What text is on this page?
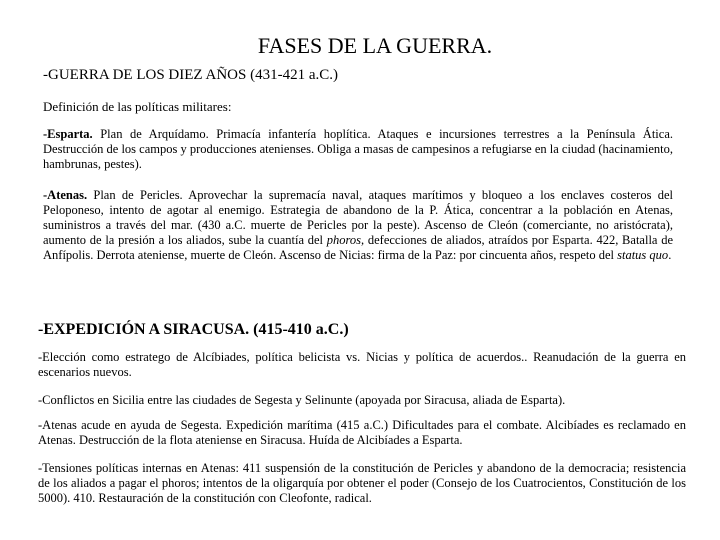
FASES DE LA GUERRA.
-GUERRA DE LOS DIEZ AÑOS (431-421 a.C.)
Definición de las políticas militares:
-Esparta. Plan de Arquídamo. Primacía infantería hoplítica. Ataques e incursiones terrestres a la Península Ática. Destrucción de los campos y producciones atenienses. Obliga a masas de campesinos a refugiarse en la ciudad (hacinamiento, hambrunas, pestes).
-Atenas. Plan de Pericles. Aprovechar la supremacía naval, ataques marítimos y bloqueo a los enclaves costeros del Peloponeso, intento de agotar al enemigo. Estrategia de abandono de la P. Ática, concentrar a la población en Atenas, suministros a través del mar. (430 a.C. muerte de Pericles por la peste). Ascenso de Cleón (comerciante, no aristócrata), aumento de la presión a los aliados, sube la cuantía del phoros, defecciones de aliados, atraídos por Esparta. 422, Batalla de Anfípolis. Derrota ateniense, muerte de Cleón. Ascenso de Nicias: firma de la Paz: por cincuenta años, respeto del status quo.
-EXPEDICIÓN A SIRACUSA. (415-410 a.C.)
-Elección como estratego de Alcíbiades, política belicista vs. Nicias y política de acuerdos.. Reanudación de la guerra en escenarios nuevos.
-Conflictos en Sicilia entre las ciudades de Segesta y Selinunte (apoyada por Siracusa, aliada de Esparta).
-Atenas acude en ayuda de Segesta. Expedición marítima (415 a.C.) Dificultades para el combate. Alcibíades es reclamado en Atenas. Destrucción de la flota ateniense en Siracusa. Huída de Alcibíades a Esparta.
-Tensiones políticas internas en Atenas: 411 suspensión de la constitución de Pericles y abandono de la democracia; resistencia de los aliados a pagar el phoros; intentos de la oligarquía por obtener el poder (Consejo de los Cuatrocientos, Constitución de los 5000). 410. Restauración de la constitución con Cleofonte, radical.
